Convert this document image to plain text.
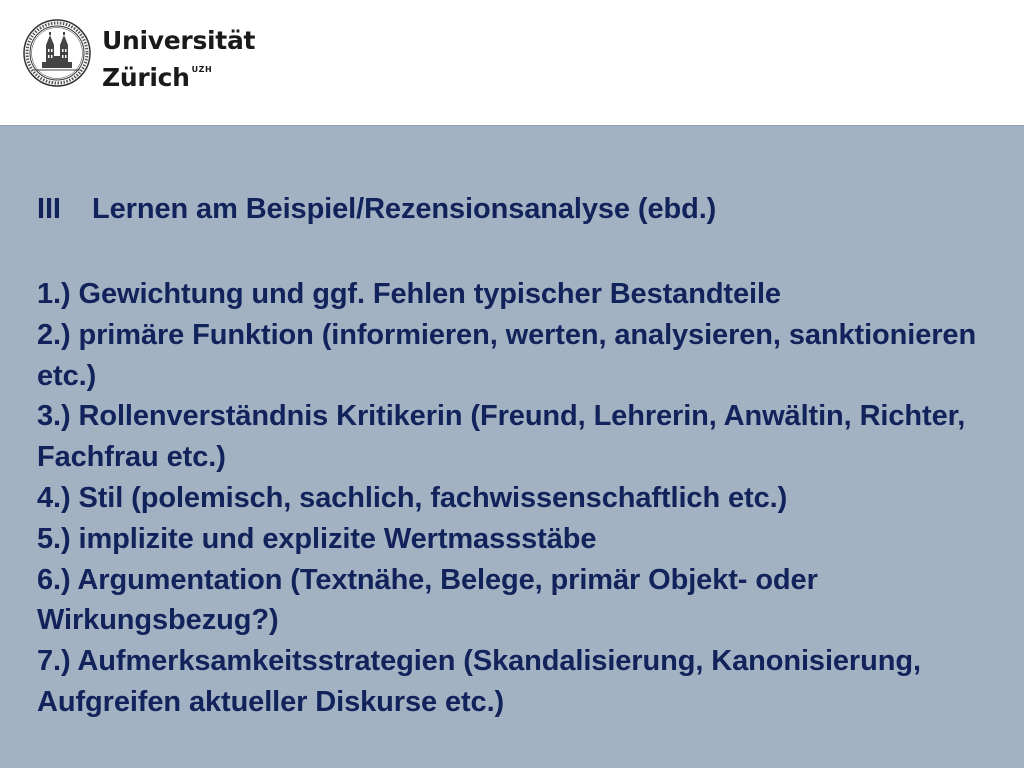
Universität
Zürich $^{UZH}$
III Lernen am Beispiel/Rezensionsanalyse (ebd.)
1.) Gewichtung und ggf. Fehlen typischer Bestandteile
2.) primäre Funktion (informieren, werten, analysieren, sanktionieren etc.)
3.) Rollenverständnis Kritikerin (Freund, Lehrerin, Anwältin, Richter, Fachfrau etc.)
4.) Stil (polemisch, sachlich, fachwissenschaftlich etc.)
5.) implizite und explizite Wertmassstäbe
6.) Argumentation (Textnähe, Belege, primär Objekt- oder Wirkungsbezug?)
7.) Aufmerksamkeitsstrategien (Skandalisierung, Kanonisierung, Aufgreifen aktueller Diskurse etc.)
